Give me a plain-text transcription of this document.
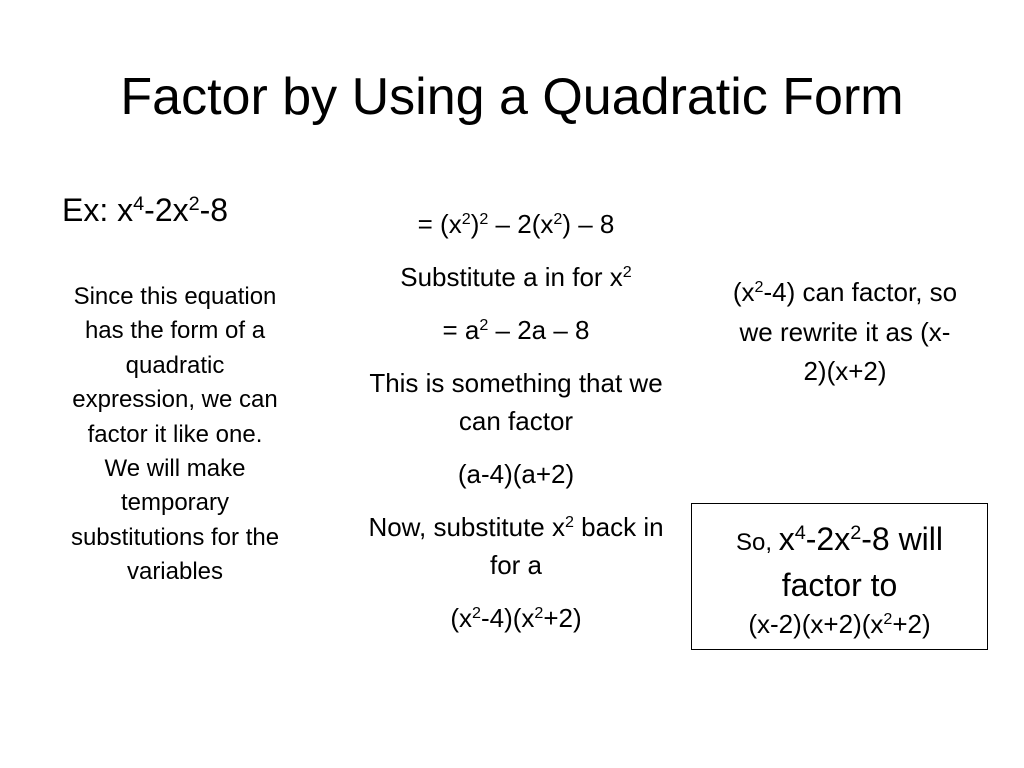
Factor by Using a Quadratic Form
Ex: $x^4-2x^2-8$
Since this equation has the form of a quadratic expression, we can factor it like one. We will make temporary substitutions for the variables
= $(x^2)^2 - 2(x^2) - 8$
Substitute a in for $x^2$
= $a^2 - 2a - 8$
This is something that we can factor
(a-4)(a+2)
Now, substitute $x^2$ back in for a
$(x^2-4)(x^2+2)$
$(x^2-4)$ can factor, so we rewrite it as (x-2)(x+2)
So, $x^4-2x^2-8$ will factor to
$(x-2)(x+2)(x^2+2)$
